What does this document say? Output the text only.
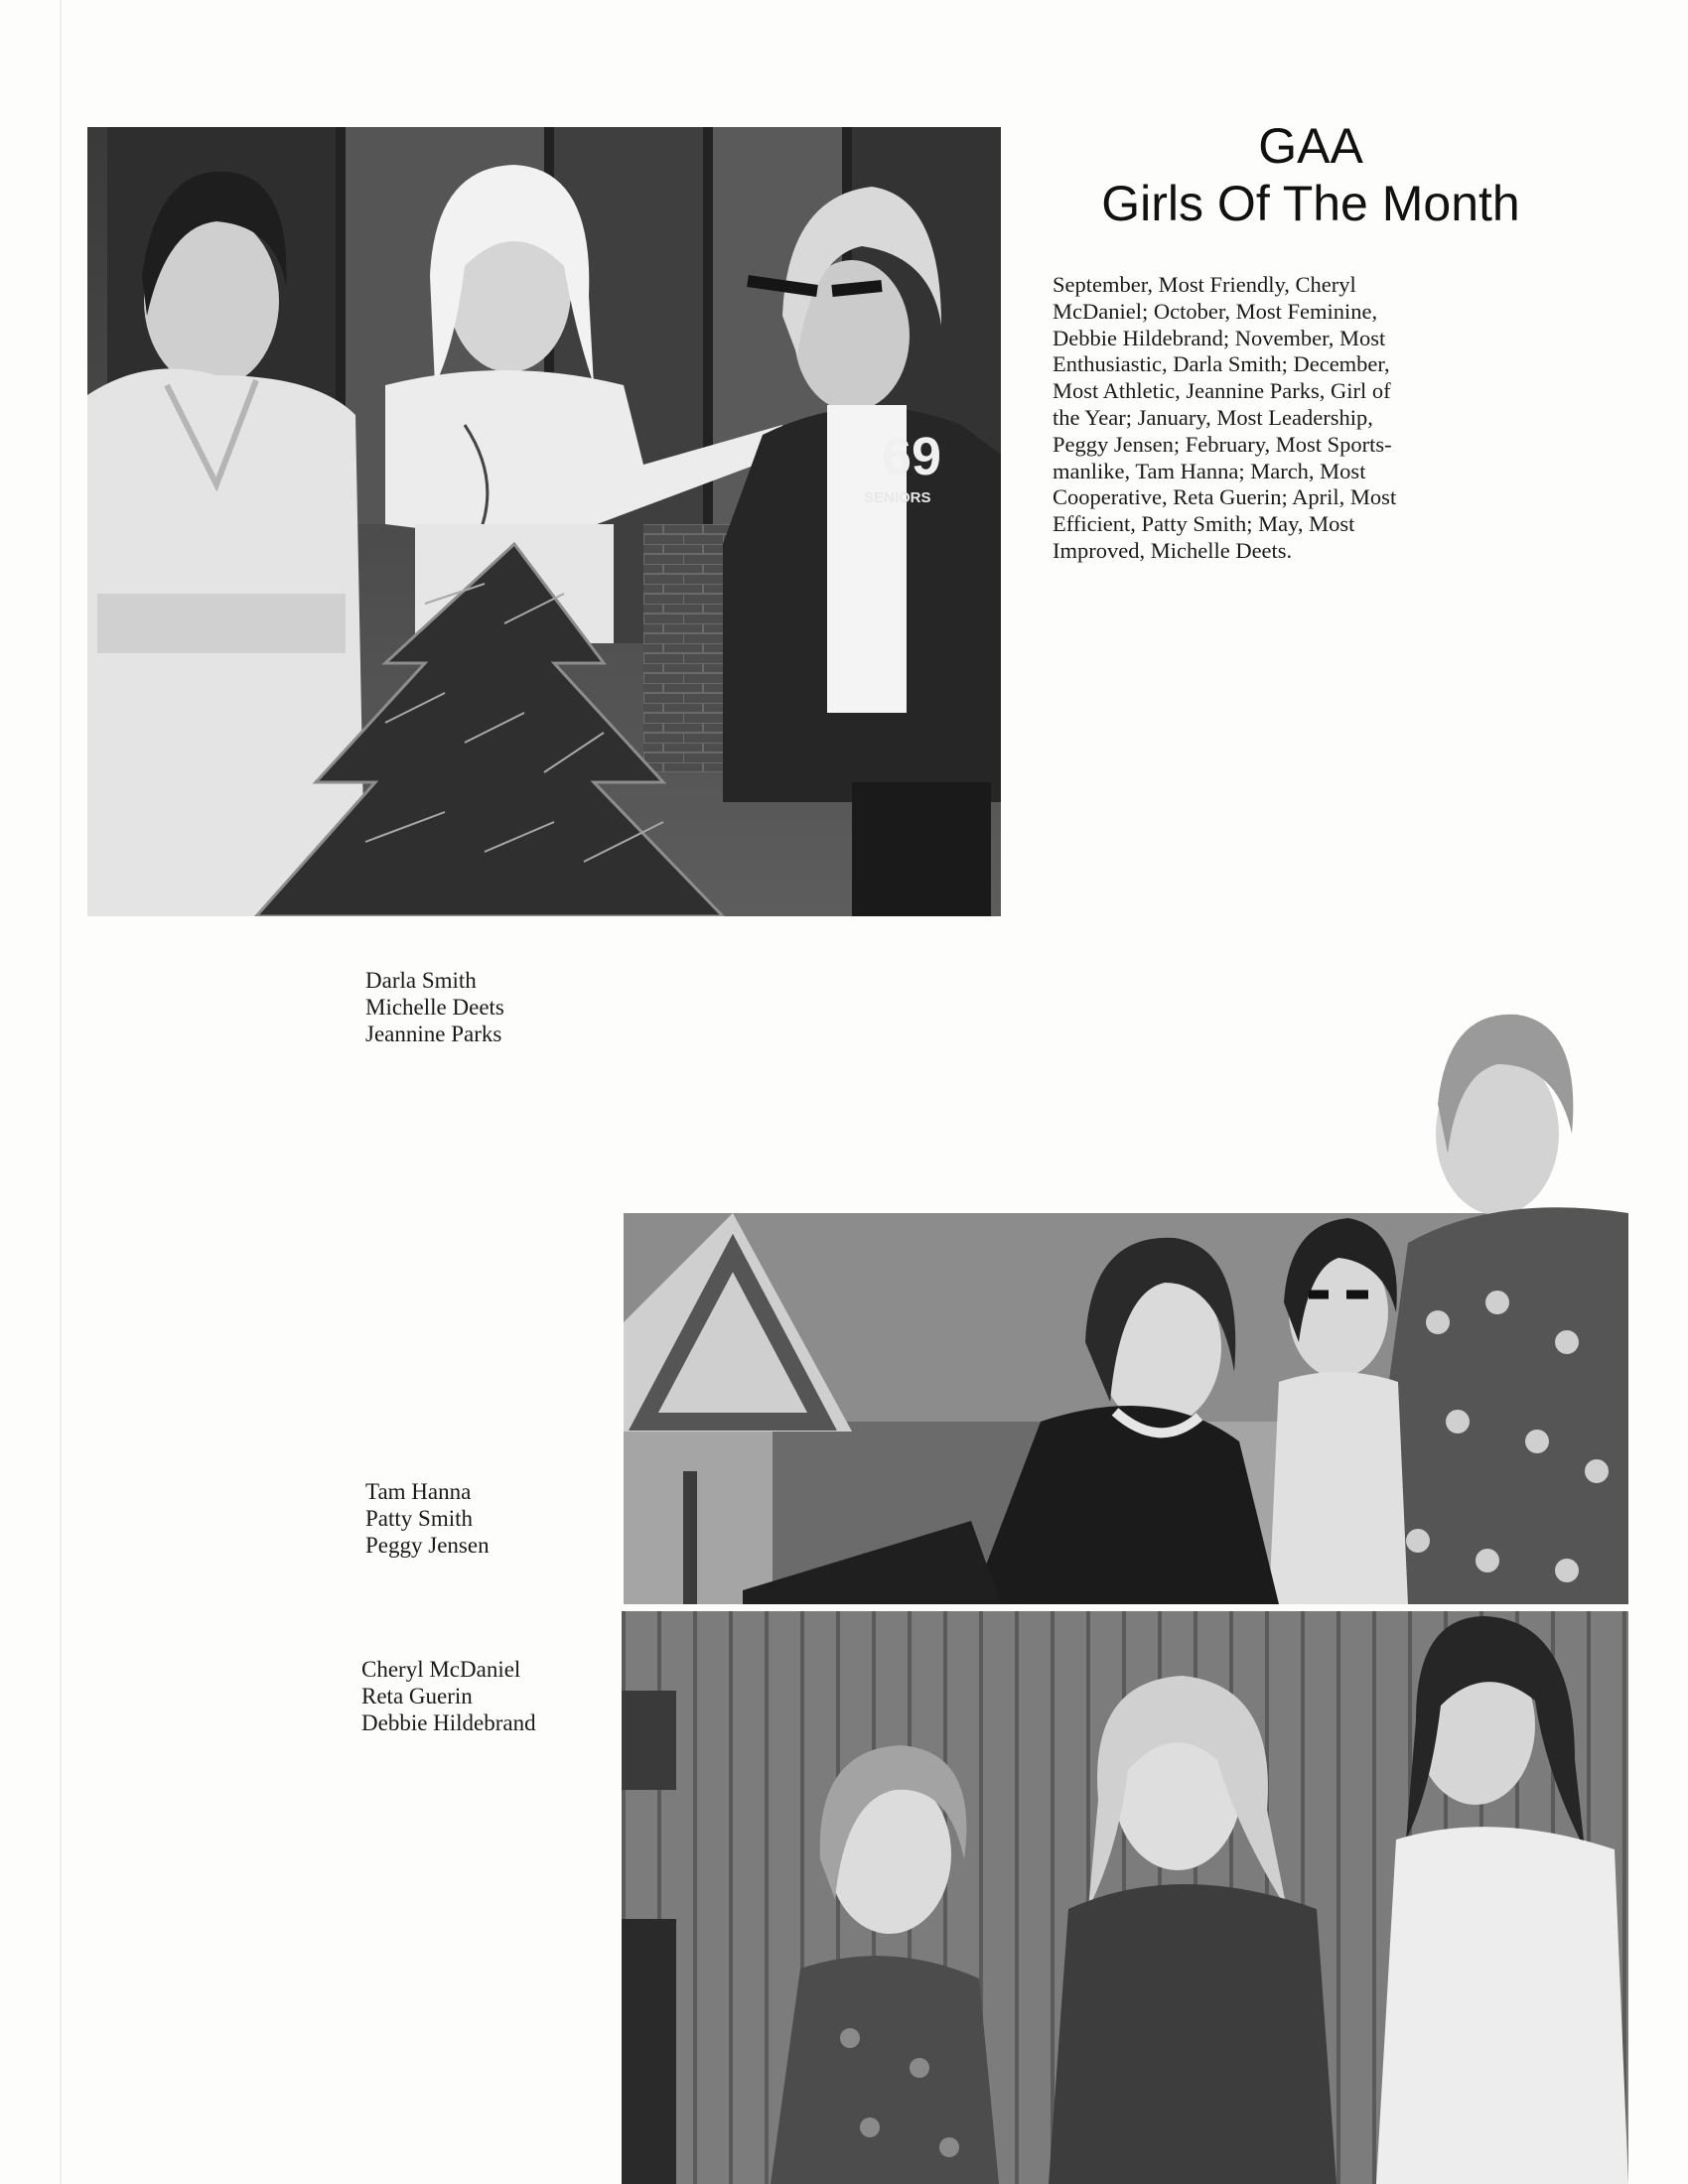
69
SENIORS
GAA
Girls Of The Month
September, Most Friendly, Cheryl
McDaniel; October, Most Feminine,
Debbie Hildebrand; November, Most
Enthusiastic, Darla Smith; December,
Most Athletic, Jeannine Parks, Girl of
the Year; January, Most Leadership,
Peggy Jensen; February, Most Sports-
manlike, Tam Hanna; March, Most
Cooperative, Reta Guerin; April, Most
Efficient, Patty Smith; May, Most
Improved, Michelle Deets.
Darla Smith
Michelle Deets
Jeannine Parks
Tam Hanna
Patty Smith
Peggy Jensen
Cheryl McDaniel
Reta Guerin
Debbie Hildebrand
